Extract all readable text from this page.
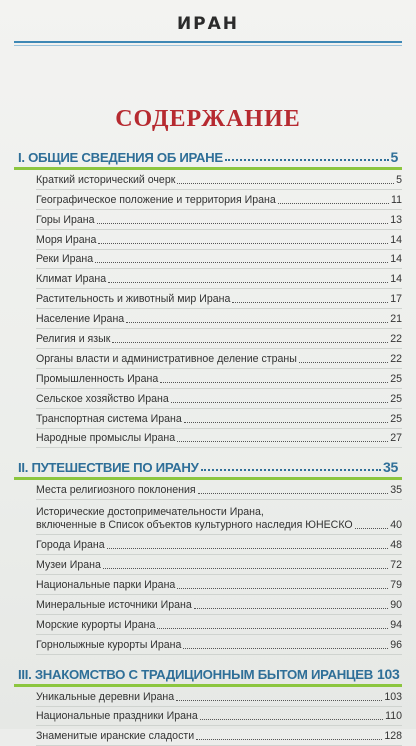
ИРАН
СОДЕРЖАНИЕ
I. ОБЩИЕ СВЕДЕНИЯ ОБ ИРАНЕ	5
Краткий исторический очерк	5
Географическое положение и территория Ирана	11
Горы Ирана	13
Моря Ирана	14
Реки Ирана	14
Климат Ирана	14
Растительность и животный мир Ирана	17
Население Ирана	21
Религия и язык	22
Органы власти и административное деление страны	22
Промышленность Ирана	25
Сельское хозяйство Ирана	25
Транспортная система Ирана	25
Народные промыслы Ирана	27
II. ПУТЕШЕСТВИЕ ПО ИРАНУ	35
Места религиозного поклонения	35
Исторические достопримечательности Ирана,
включенные в Список объектов культурного наследия ЮНЕСКО	40
Города Ирана	48
Музеи Ирана	72
Национальные парки Ирана	79
Минеральные источники Ирана	90
Морские курорты Ирана	94
Горнолыжные курорты Ирана	96
III. ЗНАКОМСТВО С ТРАДИЦИОННЫМ БЫТОМ ИРАНЦЕВ 103
Уникальные деревни Ирана	103
Национальные праздники Ирана	110
Знаменитые иранские сладости	128
